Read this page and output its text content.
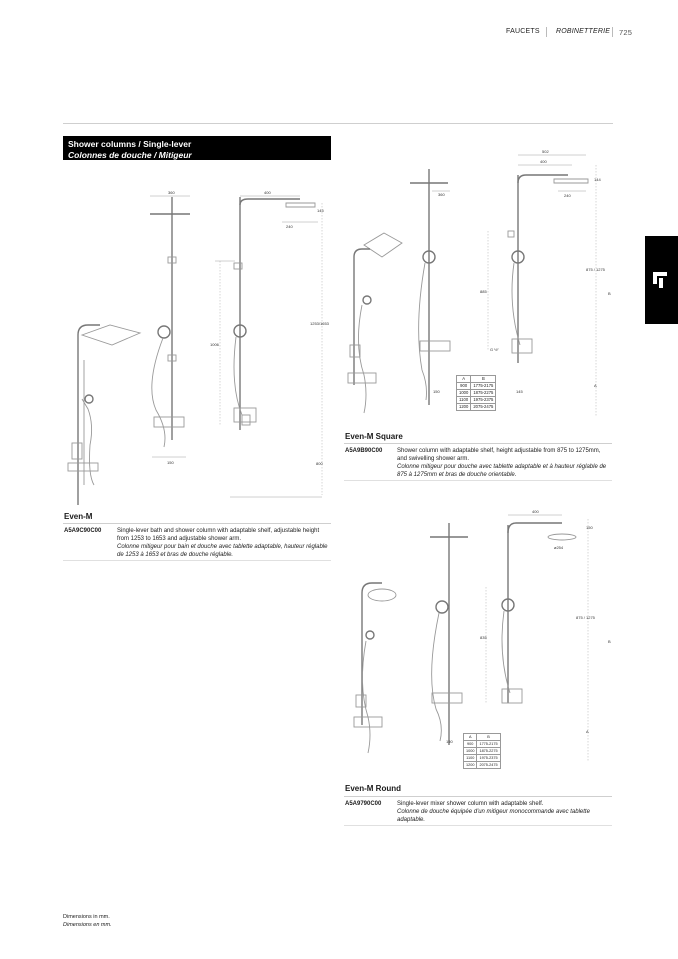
FAUCETS ROBINETTERIE 725
Shower columns / Single-lever
Colonnes de douche / Mitigeur
360
150
400
145
240
1006
1253/1653
800
Even-M
A5A9C90C00	Single-lever bath and shower column with adaptable shelf, adjustable height from 1253 to 1653 and adjustable shower arm.
Colonne mitigeur pour bain et douche avec tablette adaptable, hauteur réglable de 1253 à 1653 et bras de douche réglable.
360
150
502
400
240
144
885
G ½"
875 / 1275
B
A
145
A	B
900	1775-2175
1000	1875-2275
1100	1975-2375
1200	2075-2475
Even-M Square
A5A9B90C00 Shower column with adaptable shelf, height adjustable from 875 to 1275mm, and swivelling shower arm.
Colonne mitigeur pour douche avec tablette adaptable et à hauteur réglable de 875 à 1275mm et bras de douche orientable.
150
400
ø254
150
835
875 / 1275
B
A
A	B
900	1775-2175
1000	1875-2275
1100	1975-2375
1200	2075-2475
Even-M Round
A5A9790C00	Single-lever mixer shower column with adaptable shelf.
Colonne de douche équipée d'un mitigeur monocommande avec tablette adaptable.
Dimensions in mm.
Dimensions en mm.
